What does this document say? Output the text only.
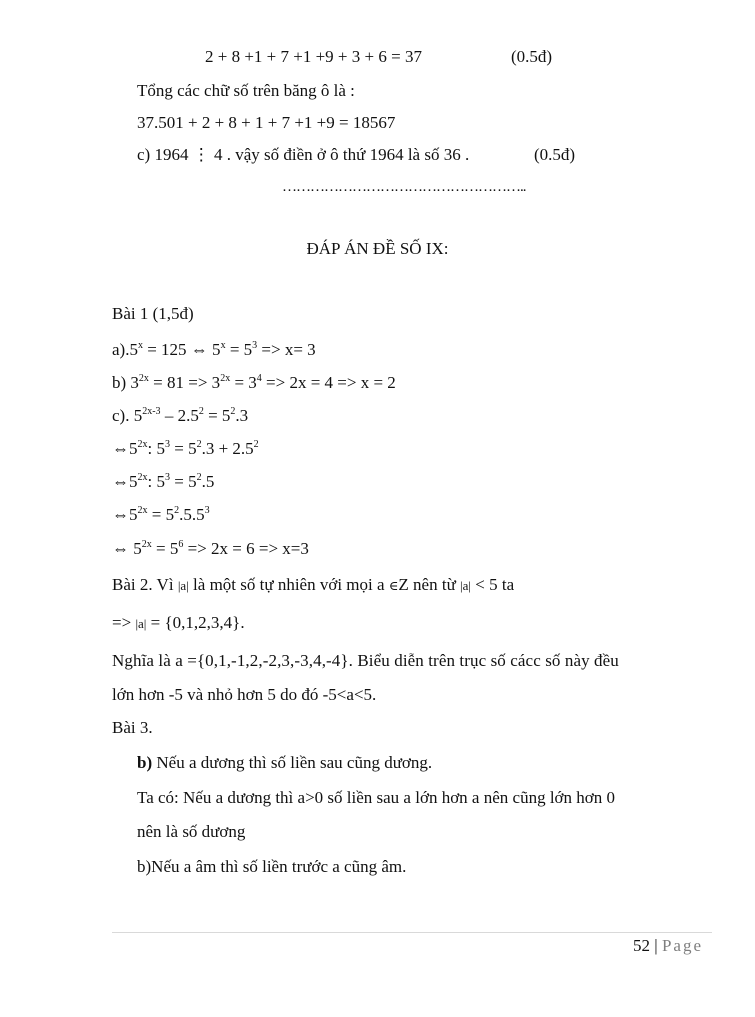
2 + 8 +1 + 7 +1 +9 + 3 + 6 = 37	(0.5đ)
Tổng các chữ số trên băng ô là :
37.501 + 2 + 8 + 1 + 7 +1 +9 = 18567
c) 1964 ⋮ 4 . vậy số điền ở ô thứ 1964 là số 36 .	(0.5đ)
……………………………………………..
ĐÁP ÁN ĐỀ SỐ IX:
Bài 1 (1,5đ)
$a).5^x = 125$ ⇔ $5^x = 5^3 => x= 3$
b) $3^{2x} = 81 => 3^{2x} = 3^4 => 2x = 4 => x = 2$
c). $5^{2x-3} - 2.5^2 = 5^2.3$
$\Leftrightarrow 5^{2x}$: $5^3 = 5^2.3 + 2.5^2$
$\Leftrightarrow 5^{2x}$: $5^3 = 5^2.5$
$\Leftrightarrow 5^{2x} = 5^2.5.5^3$
⇔ $5^{2x} = 5^6 => 2x = 6 => x=3$
Bài 2. Vì |a| là một số tự nhiên với mọi a ∈Z nên từ |a| < 5 ta
=> |a| = {0,1,2,3,4}.
Nghĩa là a ={0,1,-1,2,-2,3,-3,4,-4}. Biểu diễn trên trục số cácc số này đều
lớn hơn -5 và nhỏ hơn 5 do đó -5<a<5.
Bài 3.
b) Nếu a dương thì số liền sau cũng dương.
Ta có: Nếu a dương thì a>0 số liền sau a lớn hơn a nên cũng lớn hơn 0
nên là số dương
b)Nếu a âm thì số liền trước a cũng âm.
52 | Page
